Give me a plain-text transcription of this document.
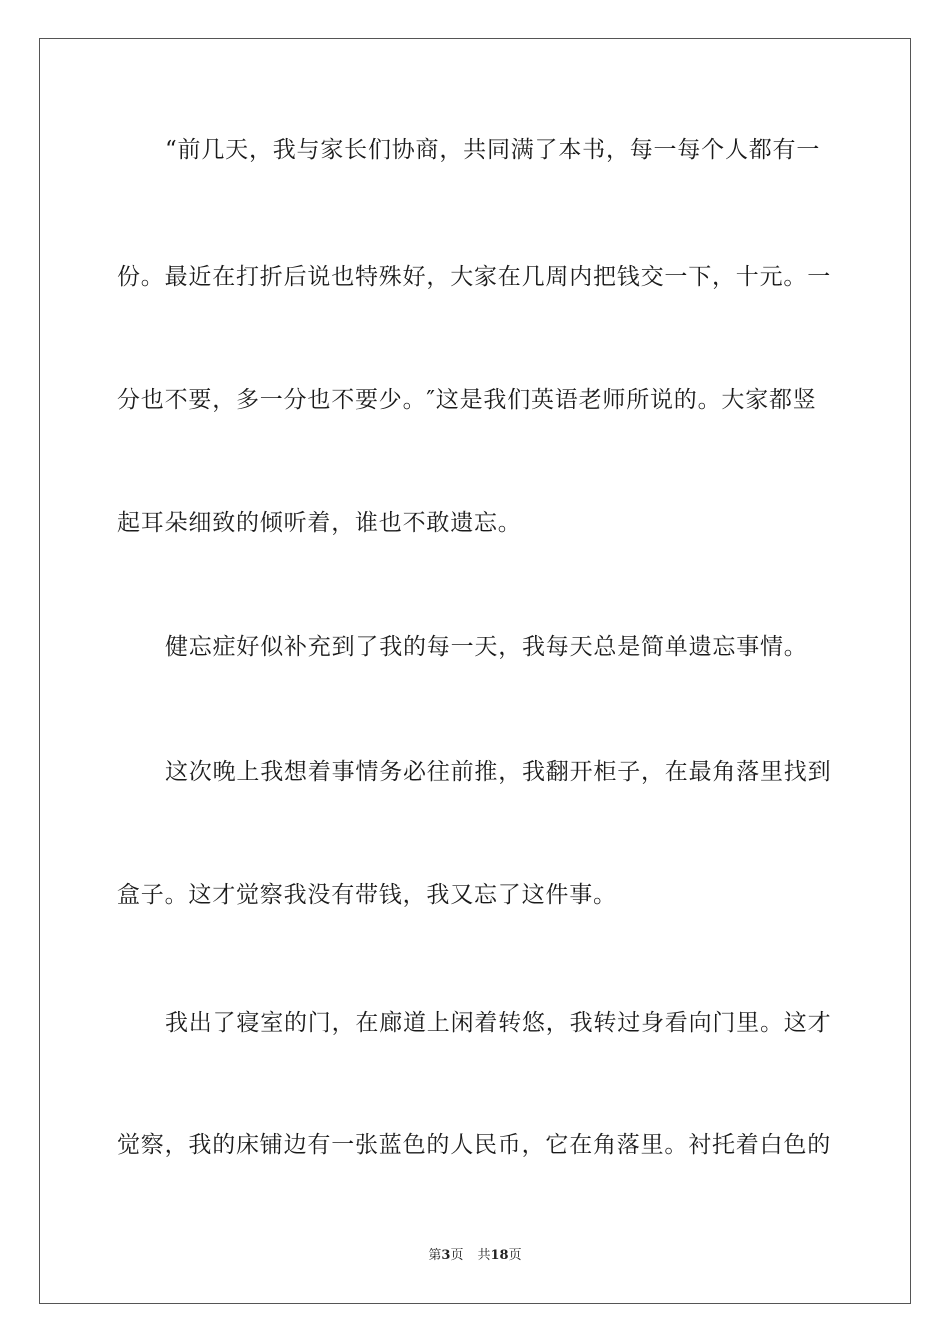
“前几天，我与家长们协商，共同满了本书，每一每个人都有一
份。最近在打折后说也特殊好，大家在几周内把钱交一下，十元。一
分也不要，多一分也不要少。″这是我们英语老师所说的。大家都竖
起耳朵细致的倾听着，谁也不敢遗忘。
健忘症好似补充到了我的每一天，我每天总是简单遗忘事情。
这次晚上我想着事情务必往前推，我翻开柜子，在最角落里找到
盒子。这才觉察我没有带钱，我又忘了这件事。
我出了寝室的门，在廊道上闲着转悠，我转过身看向门里。这才
觉察，我的床铺边有一张蓝色的人民币，它在角落里。衬托着白色的
第3页 共18页
